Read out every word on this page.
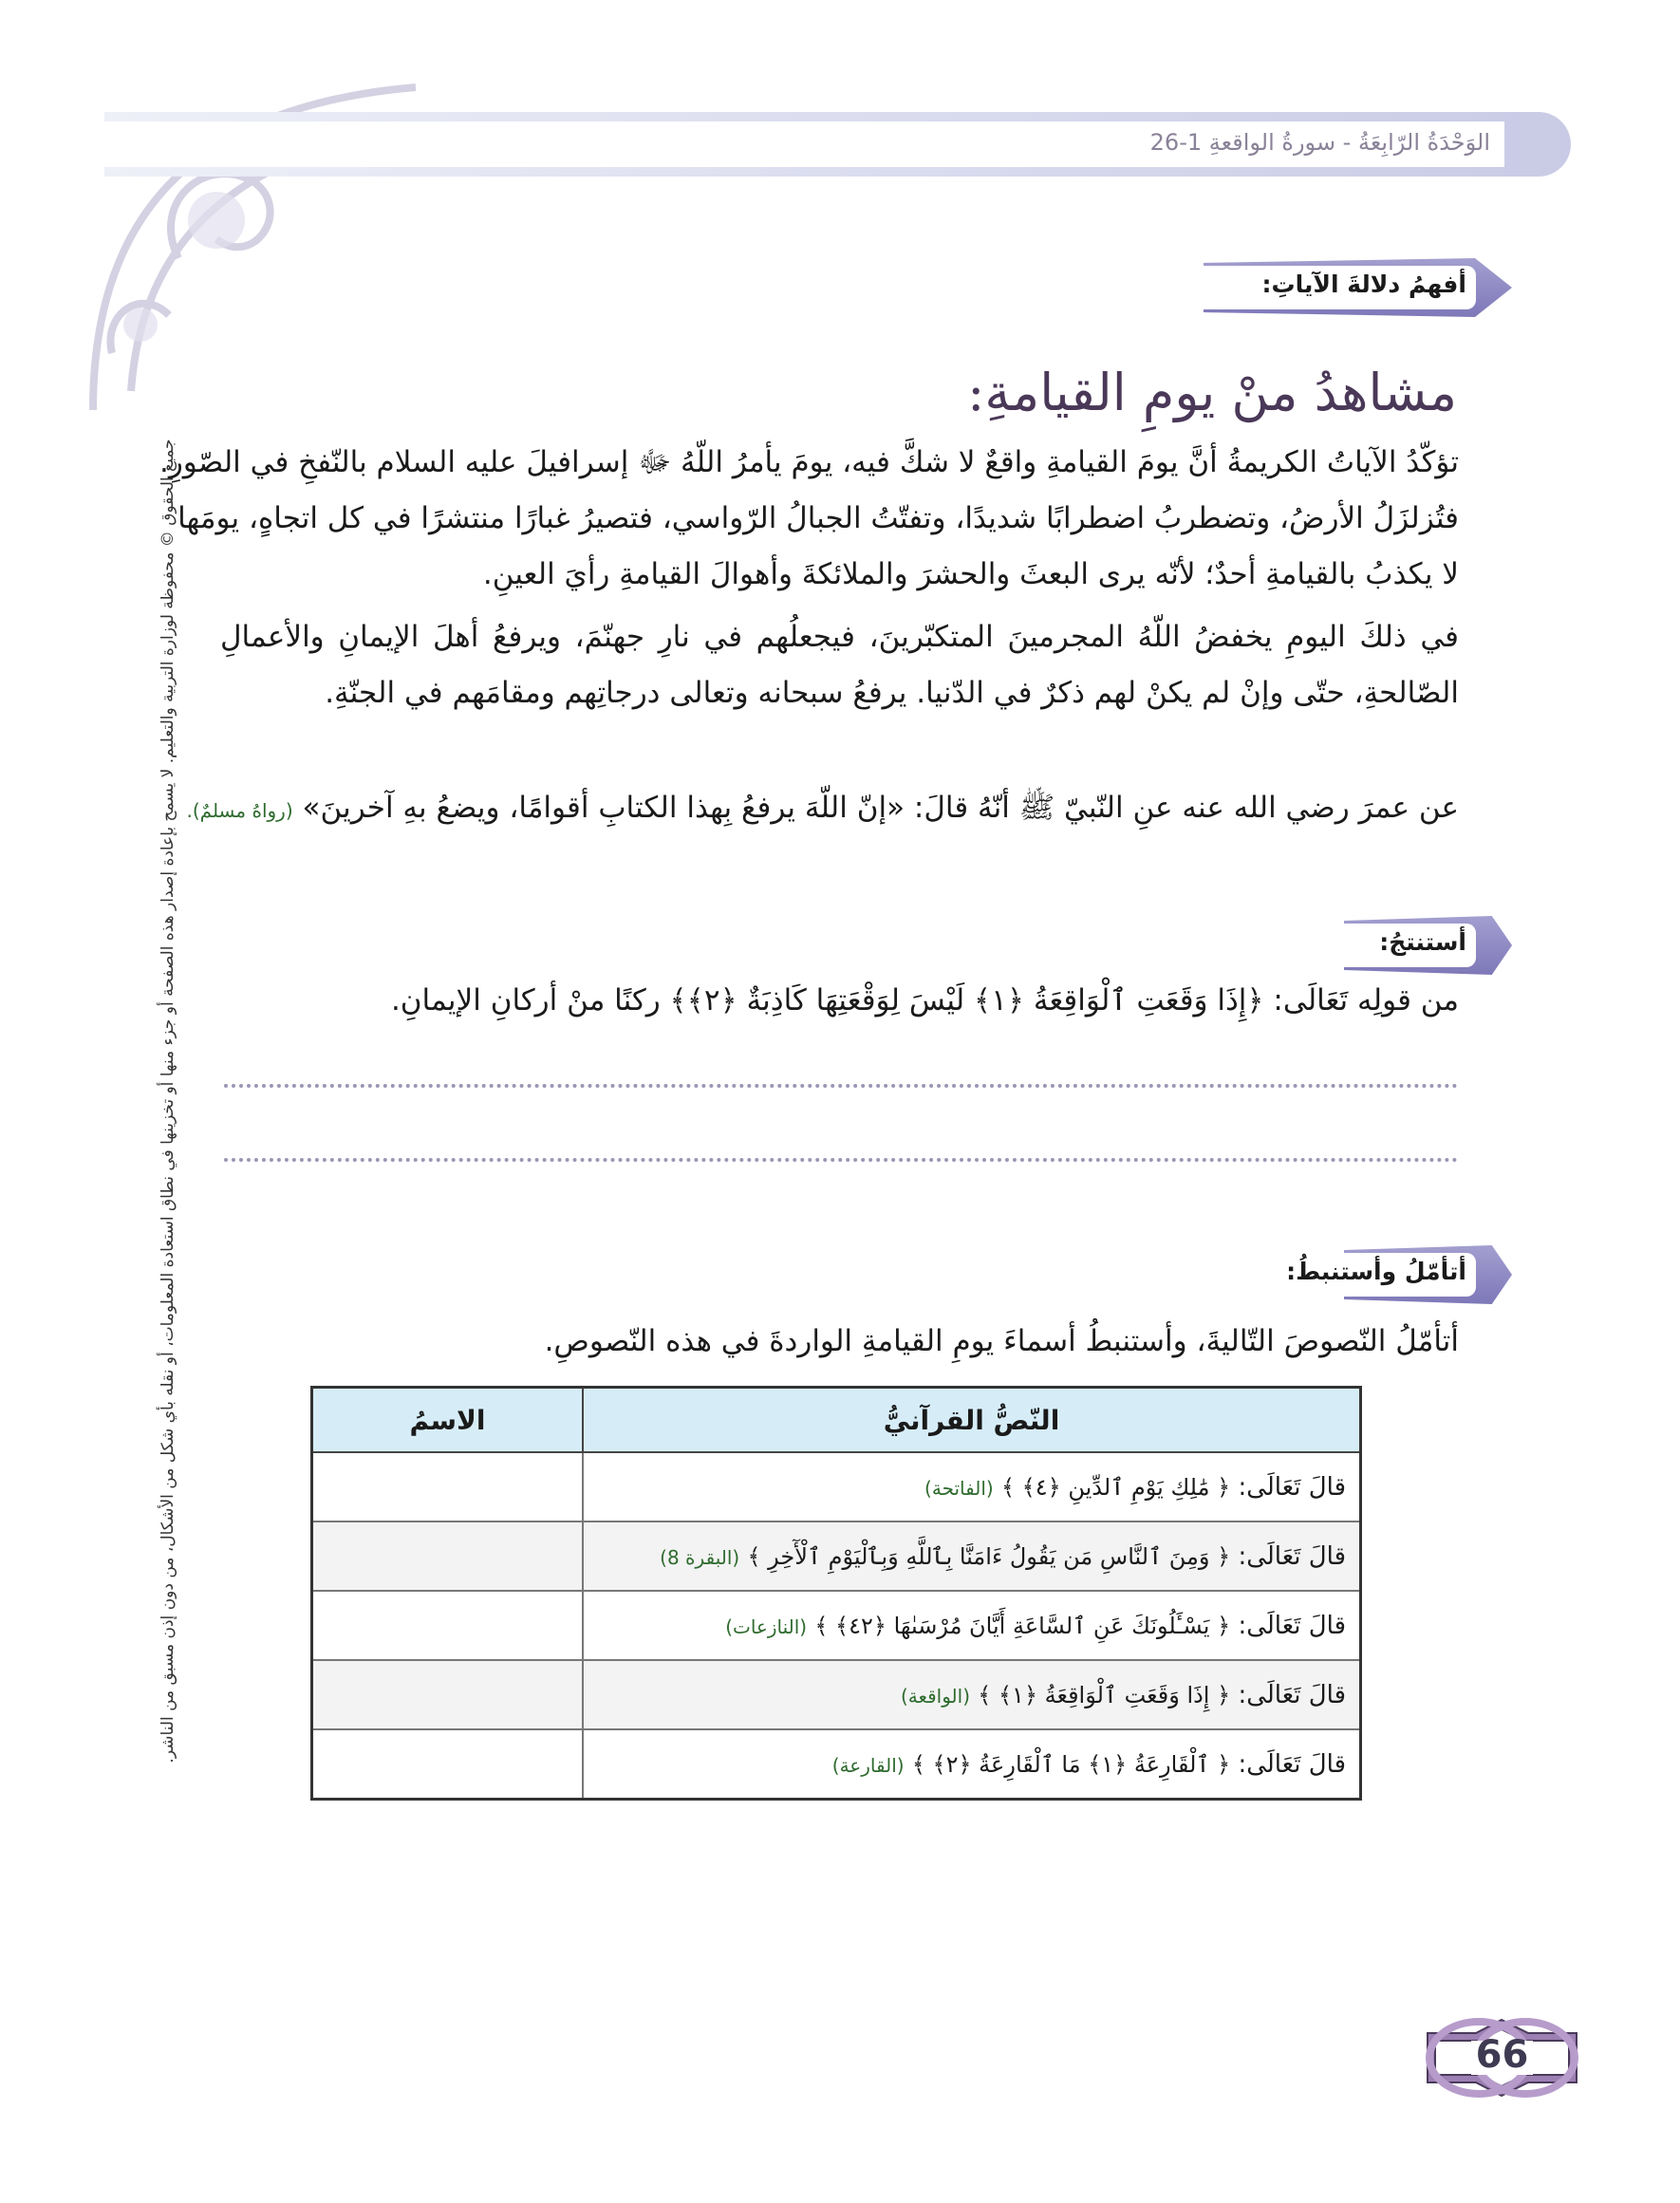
الوَحْدَةُ الرّابِعَةُ - سورةُ الواقعةِ 1-26
أفهمُ دلالةَ الآياتِ:
مشاهدُ منْ يومِ القيامةِ:
تؤكّدُ الآياتُ الكريمةُ أنَّ يومَ القيامةِ واقعٌ لا شكَّ فيه، يومَ يأمرُ اللّهُ ﷻ إسرافيلَ عليه السلام بالنّفخِ في الصّورِ.
فتُزلزَلُ الأرضُ، وتضطربُ اضطرابًا شديدًا، وتفتّتُ الجبالُ الرّواسي، فتصيرُ غبارًا منتشرًا في كل اتجاهٍ، يومَها
لا يكذبُ بالقيامةِ أحدٌ؛ لأنّه يرى البعثَ والحشرَ والملائكةَ وأهوالَ القيامةِ رأيَ العينِ.
في ذلكَ اليومِ يخفضُ اللّهُ المجرمينَ المتكبّرينَ، فيجعلُهم في نارِ جهنّمَ، ويرفعُ أهلَ الإيمانِ والأعمالِ
الصّالحةِ، حتّى وإنْ لم يكنْ لهم ذكرٌ في الدّنيا. يرفعُ سبحانه وتعالى درجاتِهم ومقامَهم في الجنّةِ.
عن عمرَ رضي الله عنه عنِ النّبيّ ﷺ أنّهُ قالَ: «إنّ اللّهَ يرفعُ بِهذا الكتابِ أقوامًا، ويضعُ بهِ آخرينَ» (رواهُ مسلمٌ).
أستنتجُ:
من قولِه تَعَالَى: ﴿إِذَا وَقَعَتِ ٱلْوَاقِعَةُ ﴿١﴾ لَيْسَ لِوَقْعَتِهَا كَاذِبَةٌ ﴿٢﴾﴾ ركنًا منْ أركانِ الإيمانِ.
أتأمّلُ وأستنبطُ:
أتأمّلُ النّصوصَ التّاليةَ، وأستنبطُ أسماءَ يومِ القيامةِ الواردةَ في هذه النّصوصِ.
النّصُّ القرآنيُّ	الاسمُ
قالَ تَعَالَى: ﴿ مَٰلِكِ يَوْمِ ٱلدِّينِ ﴿٤﴾ ﴾ (الفاتحة)	
قالَ تَعَالَى: ﴿ وَمِنَ ٱلنَّاسِ مَن يَقُولُ ءَامَنَّا بِٱللَّهِ وَبِٱلْيَوْمِ ٱلْأٓخِرِ ﴾ (البقرة 8)	
قالَ تَعَالَى: ﴿ يَسْـَٔلُونَكَ عَنِ ٱلسَّاعَةِ أَيَّانَ مُرْسَىٰهَا ﴿٤٢﴾ ﴾ (النازعات)	
قالَ تَعَالَى: ﴿ إِذَا وَقَعَتِ ٱلْوَاقِعَةُ ﴿١﴾ ﴾ (الواقعة)	
قالَ تَعَالَى: ﴿ ٱلْقَارِعَةُ ﴿١﴾ مَا ٱلْقَارِعَةُ ﴿٢﴾ ﴾ (القارعة)	
جميع الحقوق © محفوظة لوزارة التربية والتعليم. لا يسمح بإعادة إصدار هذه الصفحة أو جزء منها أو تخزينها في نطاق استعادة المعلومات، أو نقله بأي شكل من الأشكال، من دون إذن مسبق من الناشر.
66
